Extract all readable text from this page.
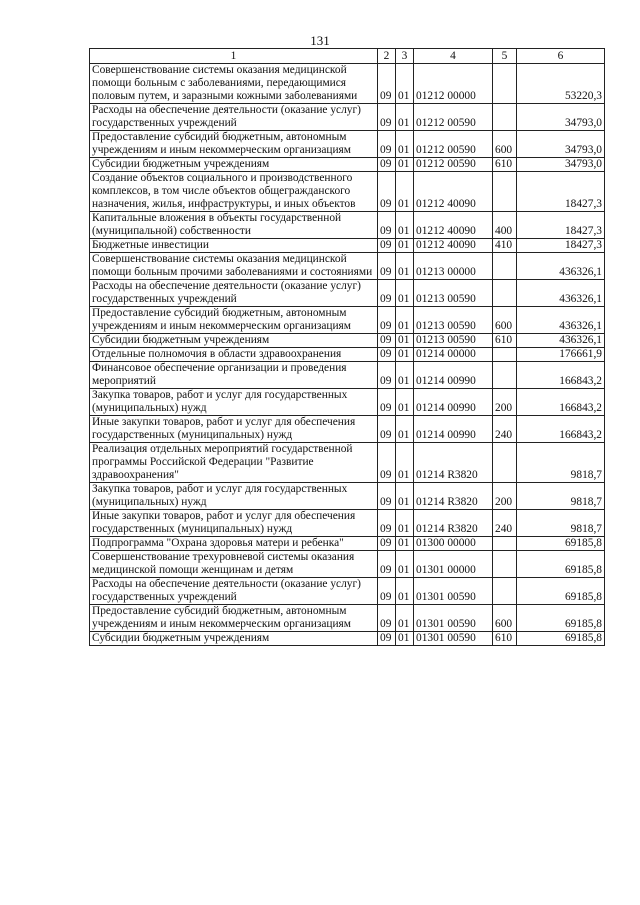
131
1	2	3	4	5	6
Совершенствование системы оказания медицинской помощи больным с заболеваниями, передающимися половым путем, и заразными кожными заболеваниями	09	01	01212 00000		53220,3
Расходы на обеспечение деятельности (оказание услуг) государственных учреждений	09	01	01212 00590		34793,0
Предоставление субсидий бюджетным, автономным учреждениям и иным некоммерческим организациям	09	01	01212 00590	600	34793,0
Субсидии бюджетным учреждениям	09	01	01212 00590	610	34793,0
Создание объектов социального и производственного комплексов, в том числе объектов общегражданского назначения, жилья, инфраструктуры, и иных объектов	09	01	01212 40090		18427,3
Капитальные вложения в объекты государственной (муниципальной) собственности	09	01	01212 40090	400	18427,3
Бюджетные инвестиции	09	01	01212 40090	410	18427,3
Совершенствование системы оказания медицинской помощи больным прочими заболеваниями и состояниями	09	01	01213 00000		436326,1
Расходы на обеспечение деятельности (оказание услуг) государственных учреждений	09	01	01213 00590		436326,1
Предоставление субсидий бюджетным, автономным учреждениям и иным некоммерческим организациям	09	01	01213 00590	600	436326,1
Субсидии бюджетным учреждениям	09	01	01213 00590	610	436326,1
Отдельные полномочия в области здравоохранения	09	01	01214 00000		176661,9
Финансовое обеспечение организации и проведения мероприятий	09	01	01214 00990		166843,2
Закупка товаров, работ и услуг для государственных (муниципальных) нужд	09	01	01214 00990	200	166843,2
Иные закупки товаров, работ и услуг для обеспечения государственных (муниципальных) нужд	09	01	01214 00990	240	166843,2
Реализация отдельных мероприятий государственной программы Российской Федерации "Развитие здравоохранения"	09	01	01214 R3820		9818,7
Закупка товаров, работ и услуг для государственных (муниципальных) нужд	09	01	01214 R3820	200	9818,7
Иные закупки товаров, работ и услуг для обеспечения государственных (муниципальных) нужд	09	01	01214 R3820	240	9818,7
Подпрограмма "Охрана здоровья матери и ребенка"	09	01	01300 00000		69185,8
Совершенствование трехуровневой системы оказания медицинской помощи женщинам и детям	09	01	01301 00000		69185,8
Расходы на обеспечение деятельности (оказание услуг) государственных учреждений	09	01	01301 00590		69185,8
Предоставление субсидий бюджетным, автономным учреждениям и иным некоммерческим организациям	09	01	01301 00590	600	69185,8
Субсидии бюджетным учреждениям	09	01	01301 00590	610	69185,8
